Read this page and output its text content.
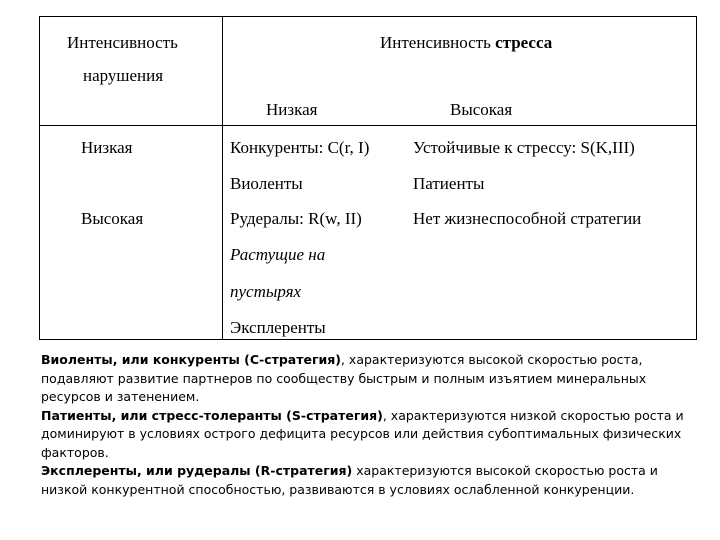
Интенсивность
нарушения
Интенсивность стресса
Низкая	Высокая
Низкая
Высокая
Конкуренты: C(r, I)	Устойчивые к стрессу: S(K,III)
Виоленты	Патиенты
Рудералы: R(w, II)	Нет жизнеспособной стратегии
Растущие на
пустырях
Эксплеренты

Виоленты, или конкуренты (С-стратегия), характеризуются высокой скоростью роста, подавляют развитие партнеров по сообществу быстрым и полным изъятием минеральных ресурсов и затенением.

Патиенты, или стресс-толеранты (S-стратегия), характеризуются низкой скоростью роста и доминируют в условиях острого дефицита ресурсов или действия субоптимальных физических факторов.

Эксплеренты, или рудералы (R-стратегия) характеризуются высокой скоростью роста и низкой конкурентной способностью, развиваются в условиях ослабленной конкуренции.
